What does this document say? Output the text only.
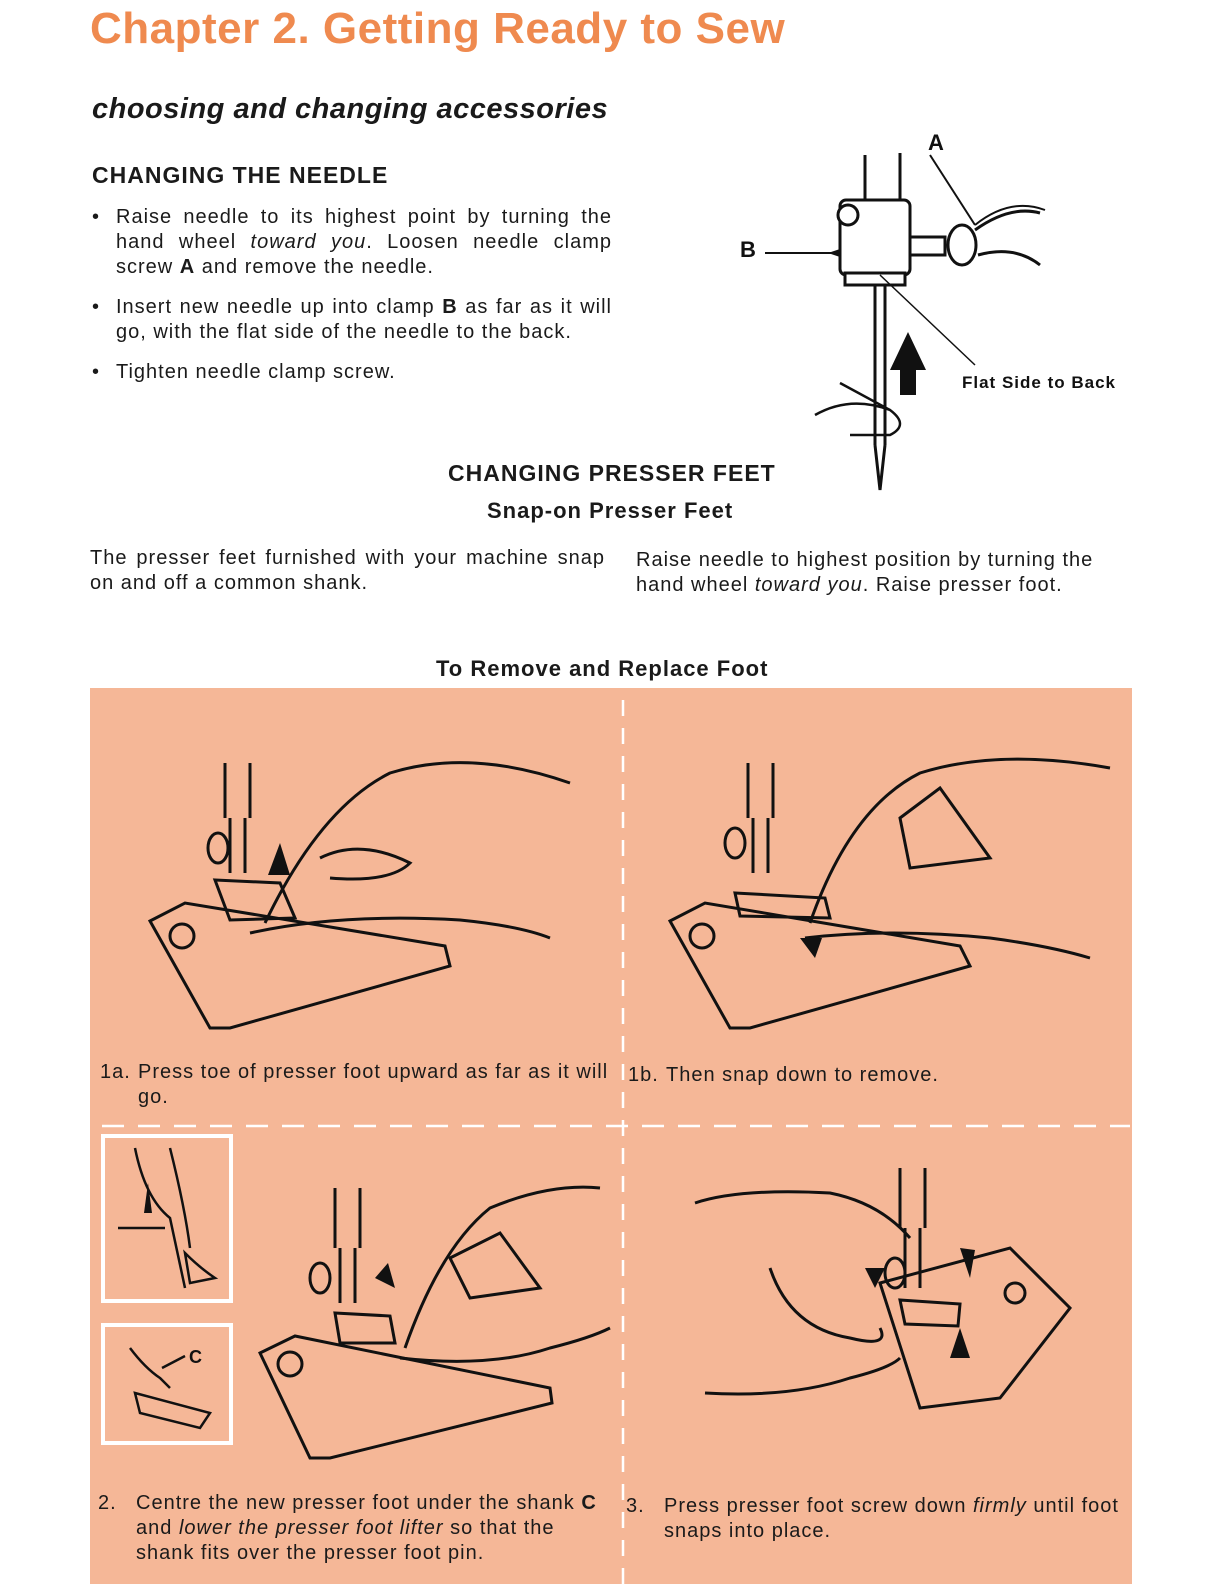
Chapter 2. Getting Ready to Sew
choosing and changing accessories
CHANGING THE NEEDLE
• Raise needle to its highest point by turning the hand wheel toward you. Loosen needle clamp screw A and remove the needle.
• Insert new needle up into clamp B as far as it will go, with the flat side of the needle to the back.
• Tighten needle clamp screw.
A
B
Flat Side to Back
CHANGING PRESSER FEET
Snap-on Presser Feet
The presser feet furnished with your machine snap on and off a common shank.
Raise needle to highest position by turning the
hand wheel toward you. Raise presser foot.
To Remove and Replace Foot
C
1a. Press toe of presser foot upward as far as it will go.
1b. Then snap down to remove.
2. Centre the new presser foot under the shank C and lower the presser foot lifter so that the shank fits over the presser foot pin.
3. Press presser foot screw down firmly until foot snaps into place.
